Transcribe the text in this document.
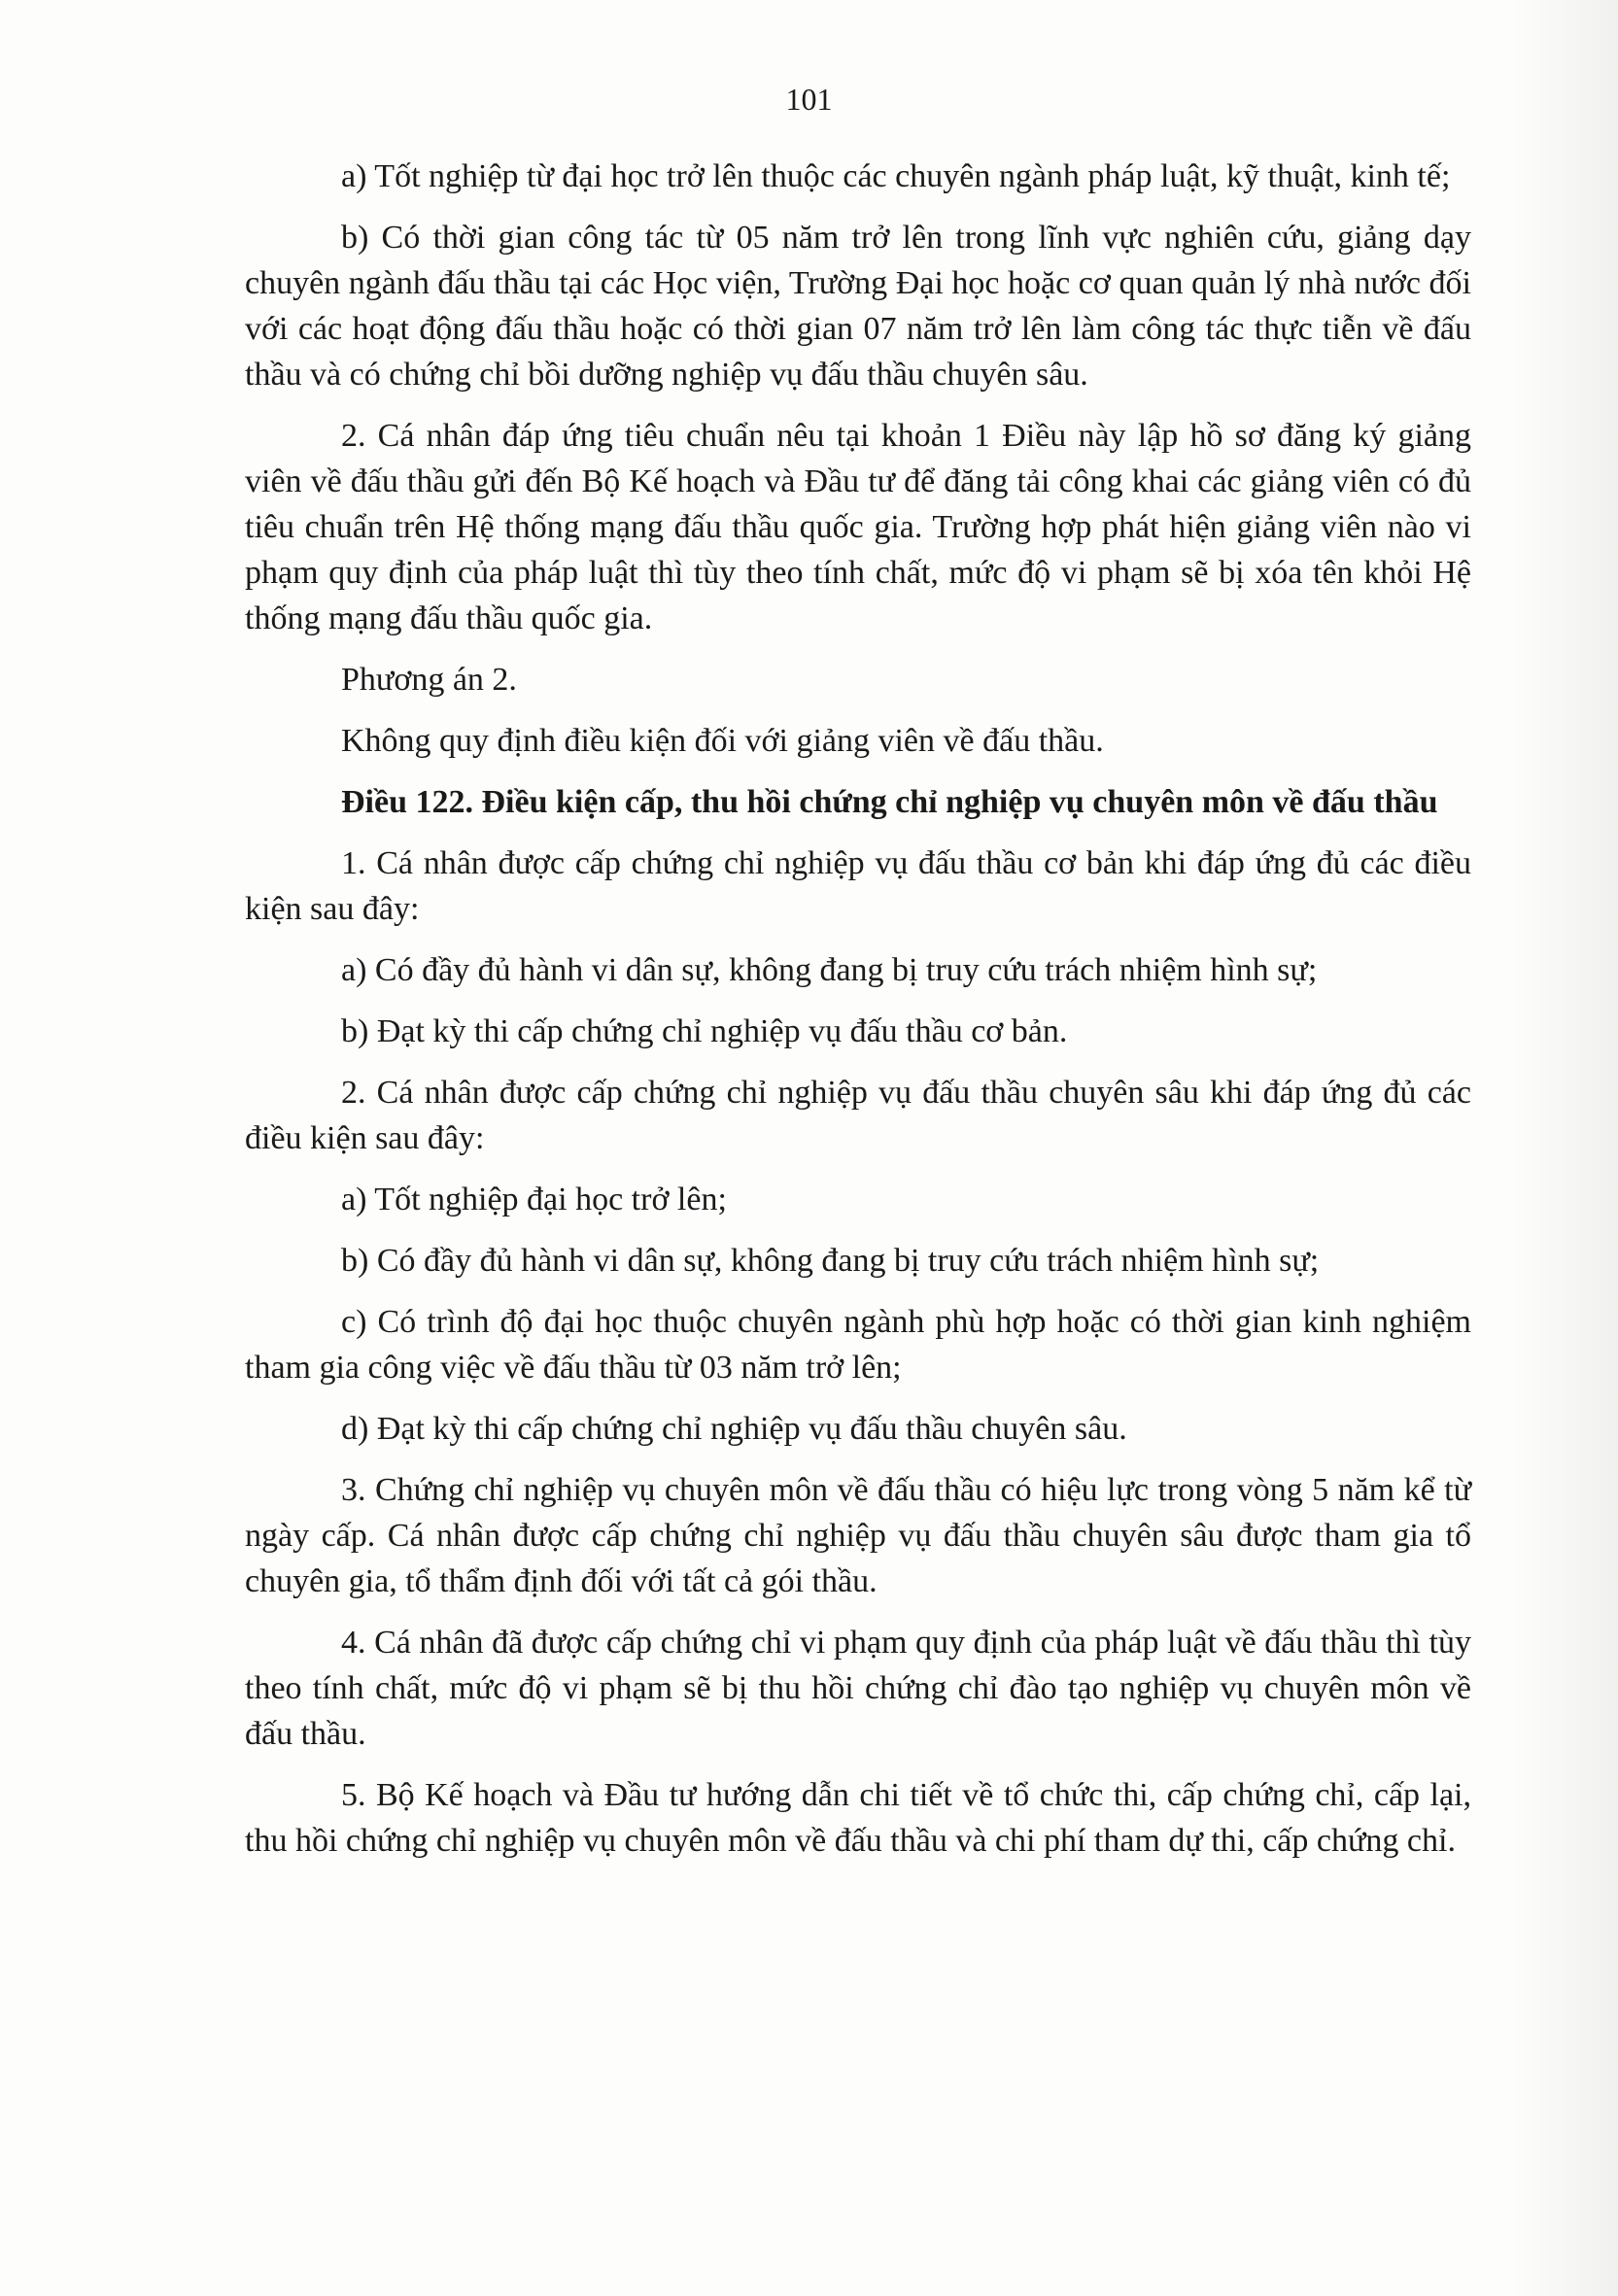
101

a) Tốt nghiệp từ đại học trở lên thuộc các chuyên ngành pháp luật, kỹ thuật, kinh tế;

b) Có thời gian công tác từ 05 năm trở lên trong lĩnh vực nghiên cứu, giảng dạy chuyên ngành đấu thầu tại các Học viện, Trường Đại học hoặc cơ quan quản lý nhà nước đối với các hoạt động đấu thầu hoặc có thời gian 07 năm trở lên làm công tác thực tiễn về đấu thầu và có chứng chỉ bồi dưỡng nghiệp vụ đấu thầu chuyên sâu.

2. Cá nhân đáp ứng tiêu chuẩn nêu tại khoản 1 Điều này lập hồ sơ đăng ký giảng viên về đấu thầu gửi đến Bộ Kế hoạch và Đầu tư để đăng tải công khai các giảng viên có đủ tiêu chuẩn trên Hệ thống mạng đấu thầu quốc gia. Trường hợp phát hiện giảng viên nào vi phạm quy định của pháp luật thì tùy theo tính chất, mức độ vi phạm sẽ bị xóa tên khỏi Hệ thống mạng đấu thầu quốc gia.

Phương án 2.

Không quy định điều kiện đối với giảng viên về đấu thầu.

Điều 122. Điều kiện cấp, thu hồi chứng chỉ nghiệp vụ chuyên môn về đấu thầu

1. Cá nhân được cấp chứng chỉ nghiệp vụ đấu thầu cơ bản khi đáp ứng đủ các điều kiện sau đây:

a) Có đầy đủ hành vi dân sự, không đang bị truy cứu trách nhiệm hình sự;

b) Đạt kỳ thi cấp chứng chỉ nghiệp vụ đấu thầu cơ bản.

2. Cá nhân được cấp chứng chỉ nghiệp vụ đấu thầu chuyên sâu khi đáp ứng đủ các điều kiện sau đây:

a) Tốt nghiệp đại học trở lên;

b) Có đầy đủ hành vi dân sự, không đang bị truy cứu trách nhiệm hình sự;

c) Có trình độ đại học thuộc chuyên ngành phù hợp hoặc có thời gian kinh nghiệm tham gia công việc về đấu thầu từ 03 năm trở lên;

d) Đạt kỳ thi cấp chứng chỉ nghiệp vụ đấu thầu chuyên sâu.

3. Chứng chỉ nghiệp vụ chuyên môn về đấu thầu có hiệu lực trong vòng 5 năm kể từ ngày cấp. Cá nhân được cấp chứng chỉ nghiệp vụ đấu thầu chuyên sâu được tham gia tổ chuyên gia, tổ thẩm định đối với tất cả gói thầu.

4. Cá nhân đã được cấp chứng chỉ vi phạm quy định của pháp luật về đấu thầu thì tùy theo tính chất, mức độ vi phạm sẽ bị thu hồi chứng chỉ đào tạo nghiệp vụ chuyên môn về đấu thầu.

5. Bộ Kế hoạch và Đầu tư hướng dẫn chi tiết về tổ chức thi, cấp chứng chỉ, cấp lại, thu hồi chứng chỉ nghiệp vụ chuyên môn về đấu thầu và chi phí tham dự thi, cấp chứng chỉ.
